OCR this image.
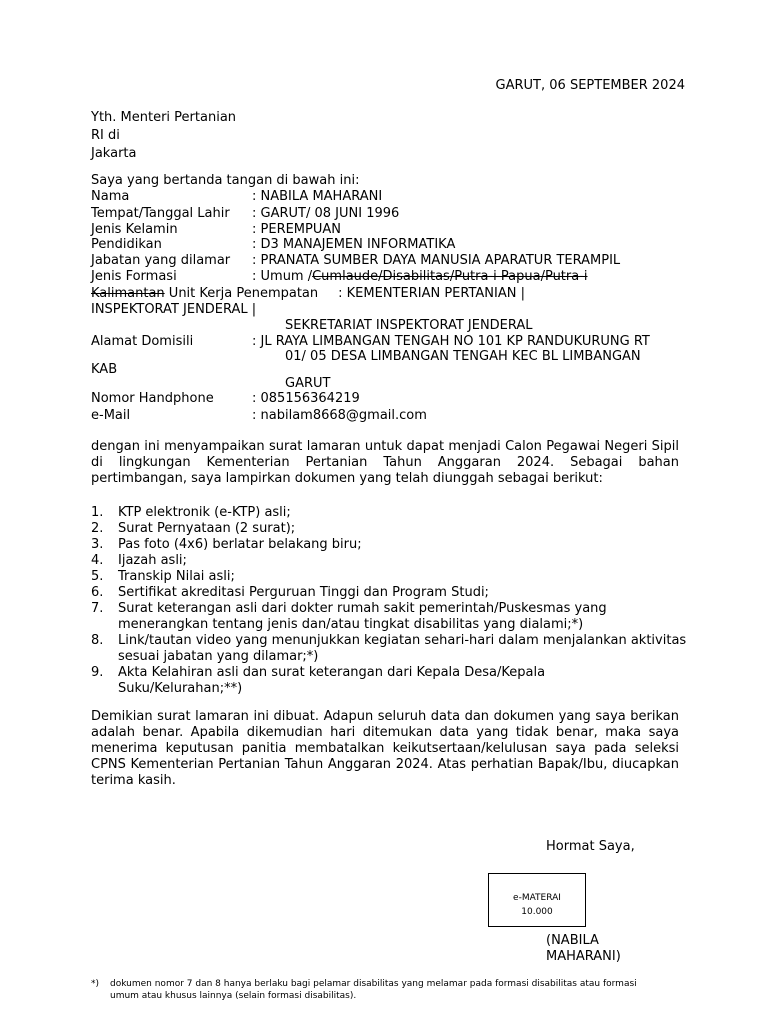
GARUT, 06 SEPTEMBER 2024
Yth. Menteri Pertanian
RI di
Jakarta
Saya yang bertanda tangan di bawah ini:
Nama	: NABILA MAHARANI
Tempat/Tanggal Lahir : GARUT/ 08 JUNI 1996
Jenis Kelamin	: PEREMPUAN
Pendidikan	: D3 MANAJEMEN INFORMATIKA
Jabatan yang dilamar : PRANATA SUMBER DAYA MANUSIA APARATUR TERAMPIL
Jenis Formasi	: Umum /Cumlaude/Disabilitas/Putra-i Papua/Putra-i
Kalimantan Unit Kerja Penempatan : KEMENTERIAN PERTANIAN |
INSPEKTORAT JENDERAL |
SEKRETARIAT INSPEKTORAT JENDERAL
Alamat Domisili	: JL RAYA LIMBANGAN TENGAH NO 101 KP RANDUKURUNG RT
01/ 05 DESA LIMBANGAN TENGAH KEC BL LIMBANGAN
KAB
GARUT
Nomor Handphone	: 085156364219
e-Mail	: nabilam8668@gmail.com
dengan ini menyampaikan surat lamaran untuk dapat menjadi Calon Pegawai Negeri Sipil di lingkungan Kementerian Pertanian Tahun Anggaran 2024. Sebagai bahan pertimbangan, saya lampirkan dokumen yang telah diunggah sebagai berikut:
1.	KTP elektronik (e-KTP) asli;
2.	Surat Pernyataan (2 surat);
3.	Pas foto (4x6) berlatar belakang biru;
4.	Ijazah asli;
5.	Transkip Nilai asli;
6.	Sertifikat akreditasi Perguruan Tinggi dan Program Studi;
7.	Surat keterangan asli dari dokter rumah sakit pemerintah/Puskesmas yang menerangkan tentang jenis dan/atau tingkat disabilitas yang dialami;*)
8.	Link/tautan video yang menunjukkan kegiatan sehari-hari dalam menjalankan aktivitas sesuai jabatan yang dilamar;*)
9.	Akta Kelahiran asli dan surat keterangan dari Kepala Desa/Kepala Suku/Kelurahan;**)
Demikian surat lamaran ini dibuat. Adapun seluruh data dan dokumen yang saya berikan adalah benar. Apabila dikemudian hari ditemukan data yang tidak benar, maka saya menerima keputusan panitia membatalkan keikutsertaan/kelulusan saya pada seleksi CPNS Kementerian Pertanian Tahun Anggaran 2024. Atas perhatian Bapak/Ibu, diucapkan terima kasih.
Hormat Saya,
e-MATERAI
10.000
(NABILA
MAHARANI)
*)	dokumen nomor 7 dan 8 hanya berlaku bagi pelamar disabilitas yang melamar pada formasi disabilitas atau formasi umum atau khusus lainnya (selain formasi disabilitas).
